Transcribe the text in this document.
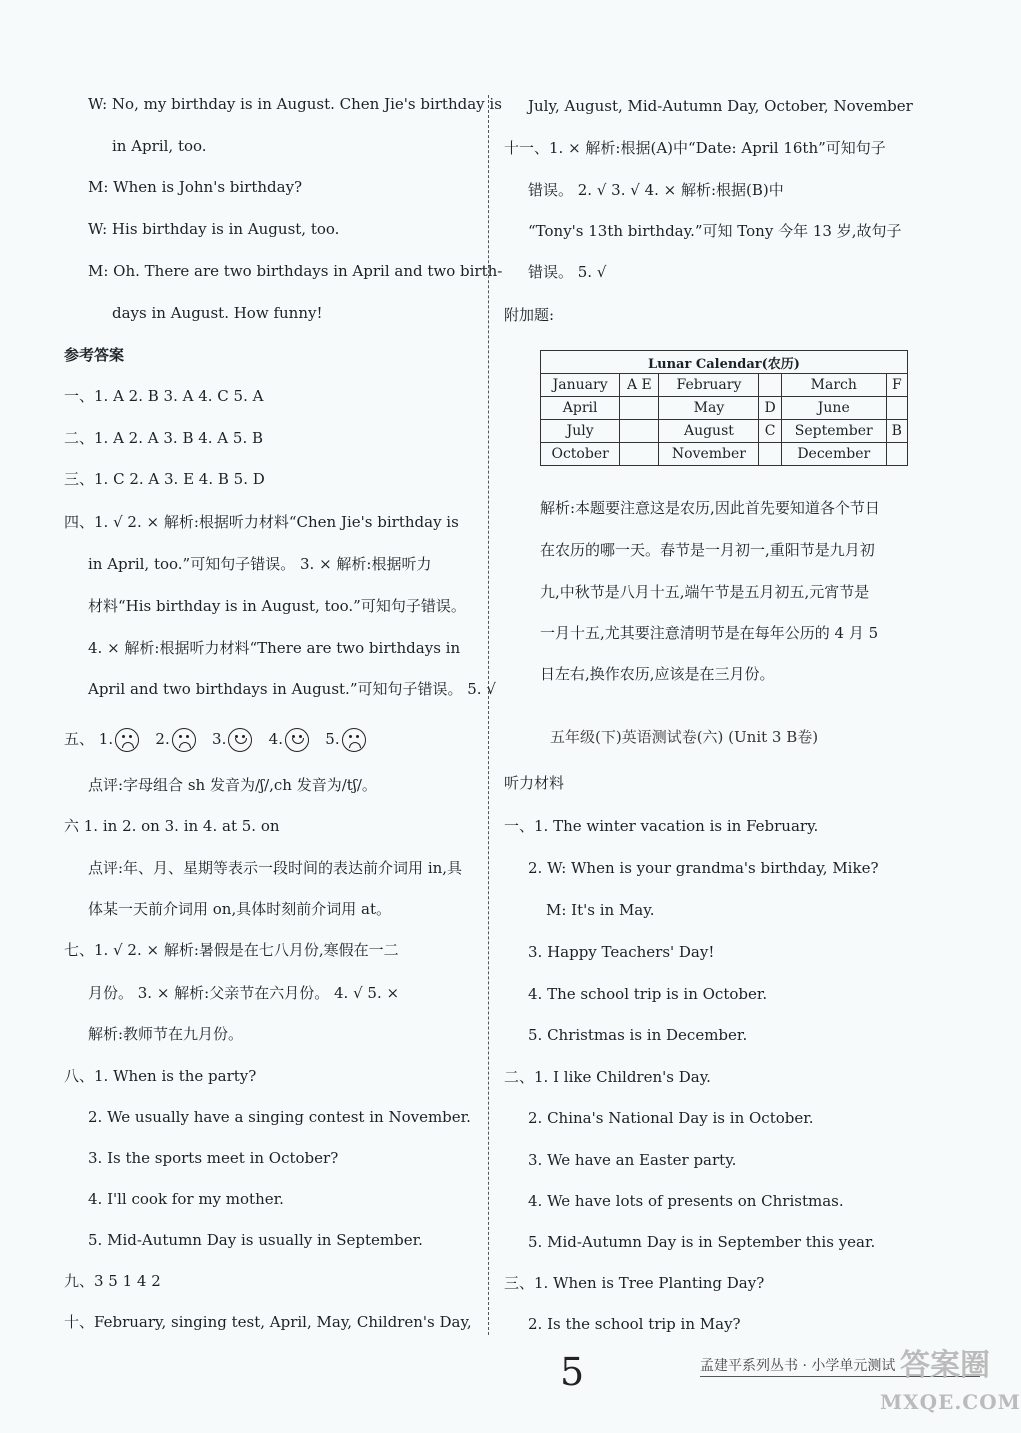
W: No, my birthday is in August. Chen Jie's birthday is
in April, too.
M: When is John's birthday?
W: His birthday is in August, too.
M: Oh. There are two birthdays in April and two birth-
days in August. How funny!
参考答案
一、1. A 2. B 3. A 4. C 5. A
二、1. A 2. A 3. B 4. A 5. B
三、1. C 2. A 3. E 4. B 5. D
四、1. √ 2. × 解析:根据听力材料“Chen Jie's birthday is
in April, too.”可知句子错误。 3. × 解析:根据听力
材料“His birthday is in August, too.”可知句子错误。
4. × 解析:根据听力材料“There are two birthdays in
April and two birthdays in August.”可知句子错误。 5. √
五、 1.	2.	3.	4.	5.
点评:字母组合 sh 发音为/ʃ/,ch 发音为/tʃ/。
六 1. in 2. on 3. in 4. at 5. on
点评:年、月、星期等表示一段时间的表达前介词用 in,具
体某一天前介词用 on,具体时刻前介词用 at。
七、1. √ 2. × 解析:暑假是在七八月份,寒假在一二
月份。 3. × 解析:父亲节在六月份。 4. √ 5. ×
解析:教师节在九月份。
八、1. When is the party?
2. We usually have a singing contest in November.
3. Is the sports meet in October?
4. I'll cook for my mother.
5. Mid-Autumn Day is usually in September.
九、3 5 1 4 2
十、February, singing test, April, May, Children's Day,
July, August, Mid-Autumn Day, October, November
十一、1. × 解析:根据(A)中“Date: April 16th”可知句子
错误。 2. √ 3. √ 4. × 解析:根据(B)中
“Tony's 13th birthday.”可知 Tony 今年 13 岁,故句子
错误。 5. √
附加题:
Lunar Calendar(农历)					
January	A E	February		March	F
April		May	D	June	
July		August	C	September	B
October		November		December	
解析:本题要注意这是农历,因此首先要知道各个节日
在农历的哪一天。春节是一月初一,重阳节是九月初
九,中秋节是八月十五,端午节是五月初五,元宵节是
一月十五,尤其要注意清明节是在每年公历的 4 月 5
日左右,换作农历,应该是在三月份。
五年级(下)英语测试卷(六) (Unit 3 B卷)
听力材料
一、1. The winter vacation is in February.
2. W: When is your grandma's birthday, Mike?
M: It's in May.
3. Happy Teachers' Day!
4. The school trip is in October.
5. Christmas is in December.
二、1. I like Children's Day.
2. China's National Day is in October.
3. We have an Easter party.
4. We have lots of presents on Christmas.
5. Mid-Autumn Day is in September this year.
三、1. When is Tree Planting Day?
2. Is the school trip in May?
5	孟建平系列丛书 · 小学单元测试 答案圈
MXQE.COM
